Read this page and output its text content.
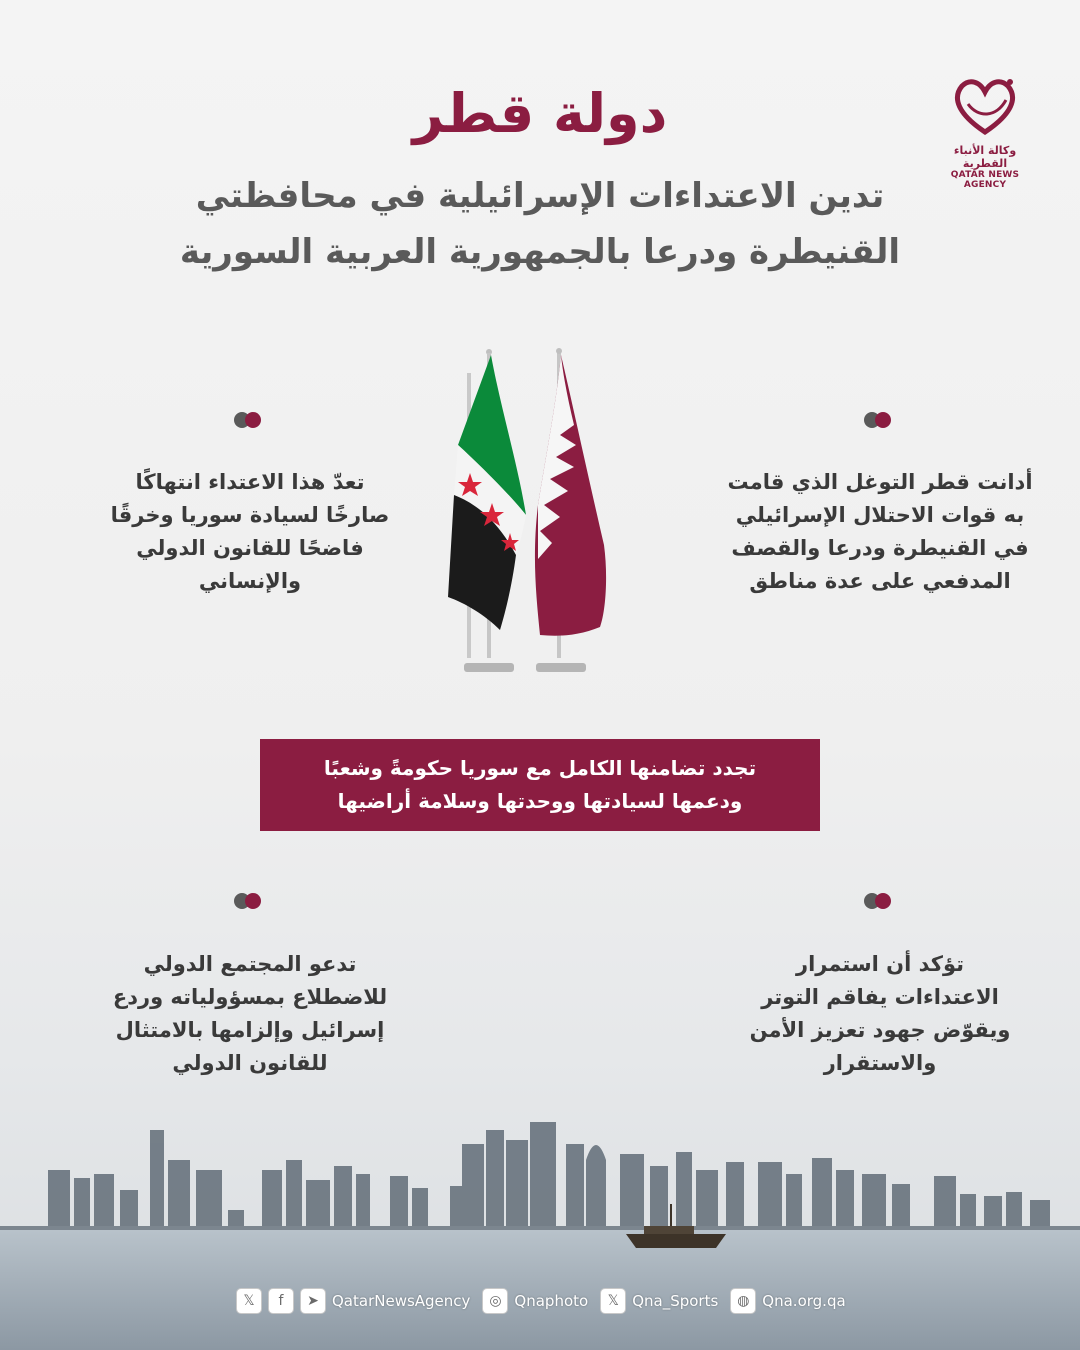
دولة قطر
تدين الاعتداءات الإسرائيلية في محافظتي
القنيطرة ودرعا بالجمهورية العربية السورية
وكالة الأنباء القطرية
QATAR NEWS AGENCY
أدانت قطر التوغل الذي قامت
به قوات الاحتلال الإسرائيلي
في القنيطرة ودرعا والقصف
المدفعي على عدة مناطق
تعدّ هذا الاعتداء انتهاكًا
صارخًا لسيادة سوريا وخرقًا
فاضحًا للقانون الدولي
والإنساني
تجدد تضامنها الكامل مع سوريا حكومةً وشعبًا
ودعمها لسيادتها ووحدتها وسلامة أراضيها
تؤكد أن استمرار
الاعتداءات يفاقم التوتر
ويقوّض جهود تعزيز الأمن
والاستقرار
تدعو المجتمع الدولي
للاضطلاع بمسؤولياته وردع
إسرائيل وإلزامها بالامتثال
للقانون الدولي
𝕏	f	➤ QatarNewsAgency	◎ Qnaphoto	𝕏 Qna_Sports	◍ Qna.org.qa
